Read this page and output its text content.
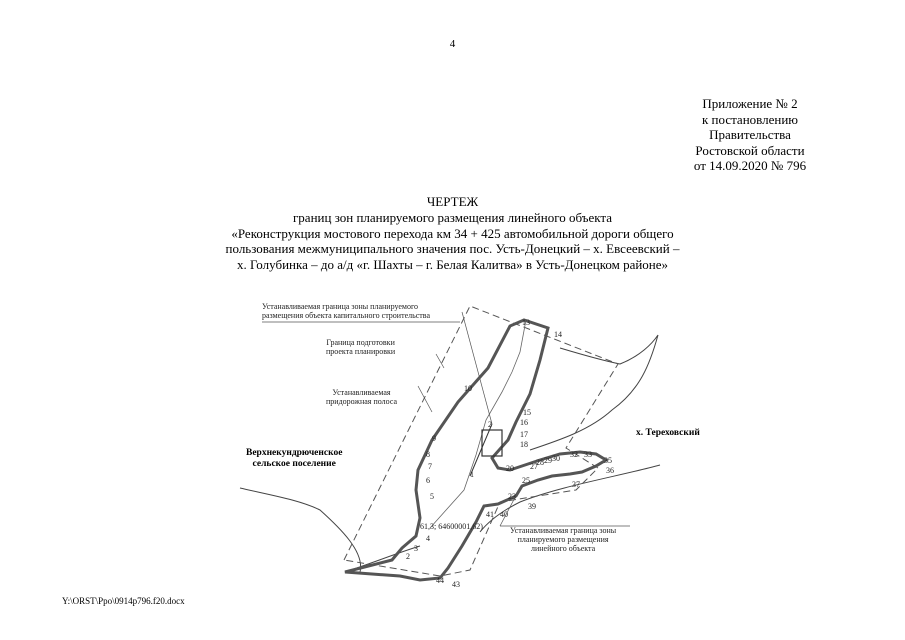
4
Приложение № 2
к постановлению
Правительства
Ростовской области
от 14.09.2020 № 796
ЧЕРТЕЖ
границ зон планируемого размещения линейного объекта
«Реконструкция мостового перехода км 34 + 425 автомобильной дороги общего
пользования межмуниципального значения пос. Усть-Донецкий – х. Евсеевский –
х. Голубинка – до а/д «г. Шахты – г. Белая Калитва» в Усть-Донецком районе»
Устанавливаемая граница зоны планируемого
размещения объекта капитального строительства
Граница подготовки
проекта планировки
Устанавливаемая
придорожная полоса
Устанавливаемая граница зоны
планируемого размещения
линейного объекта
Верхнекундрюченское
сельское поселение
х. Тереховский
1
2
2
3
4
5
6
7
8
9
10
13
14
15
16
17
18
20
23
25
27
28 29 30 32 33
35
36
37
39
40
41
43
44
61,3; 64600001,62)
Y:\ORST\Ppo\0914p796.f20.docx
